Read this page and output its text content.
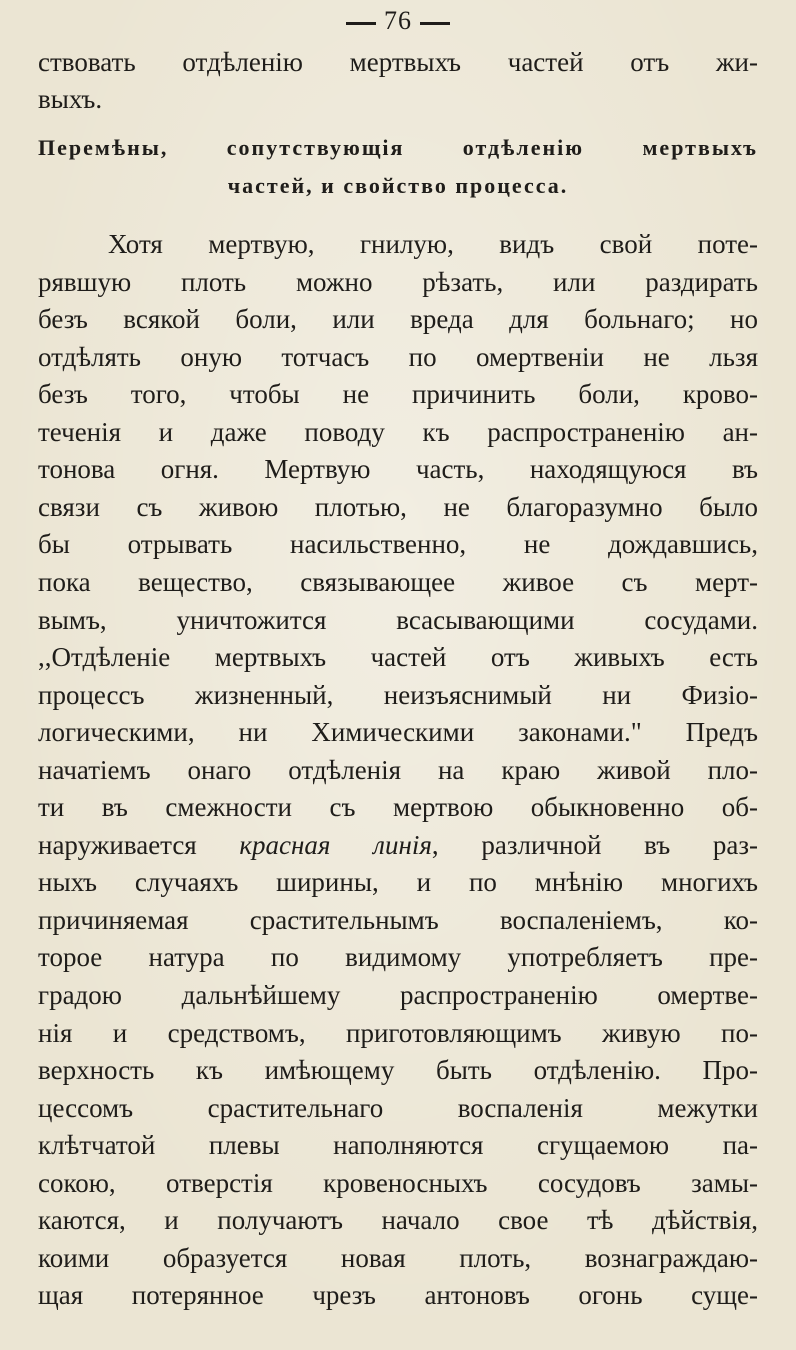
76
ствовать отдѣленію мертвыхъ частей отъ жи-
выхъ.
Перемѣны, сопутствующія отдѣленію мертвыхъ
частей, и свойство процесса.
Хотя мертвую, гнилую, видъ свой поте-
рявшую плоть можно рѣзать, или раздирать
безъ всякой боли, или вреда для больнаго; но
отдѣлять оную тотчасъ по омертвеніи не льзя
безъ того, чтобы не причинить боли, крово-
теченія и даже поводу къ распространенію ан-
тонова огня. Мертвую часть, находящуюся въ
связи съ живою плотью, не благоразумно было
бы отрывать насильственно, не дождавшись,
пока вещество, связывающее живое съ мерт-
вымъ, уничтожится всасывающими сосудами.
,,Отдѣленіе мертвыхъ частей отъ живыхъ есть
процессъ жизненный, неизъяснимый ни Физіо-
логическими, ни Химическими законами." Предъ
начатіемъ онаго отдѣленія на краю живой пло-
ти въ смежности съ мертвою обыкновенно об-
наруживается красная линія, различной въ раз-
ныхъ случаяхъ ширины, и по мнѣнію многихъ
причиняемая срастительнымъ воспаленіемъ, ко-
торое натура по видимому употребляетъ пре-
градою дальнѣйшему распространенію омертве-
нія и средствомъ, приготовляющимъ живую по-
верхность къ имѣющему быть отдѣленію. Про-
цессомъ срастительнаго воспаленія межутки
клѣтчатой плевы наполняются сгущаемою па-
сокою, отверстія кровеносныхъ сосудовъ замы-
каются, и получаютъ начало свое тѣ дѣйствія,
коими образуется новая плоть, вознаграждаю-
щая потерянное чрезъ антоновъ огонь суще-
